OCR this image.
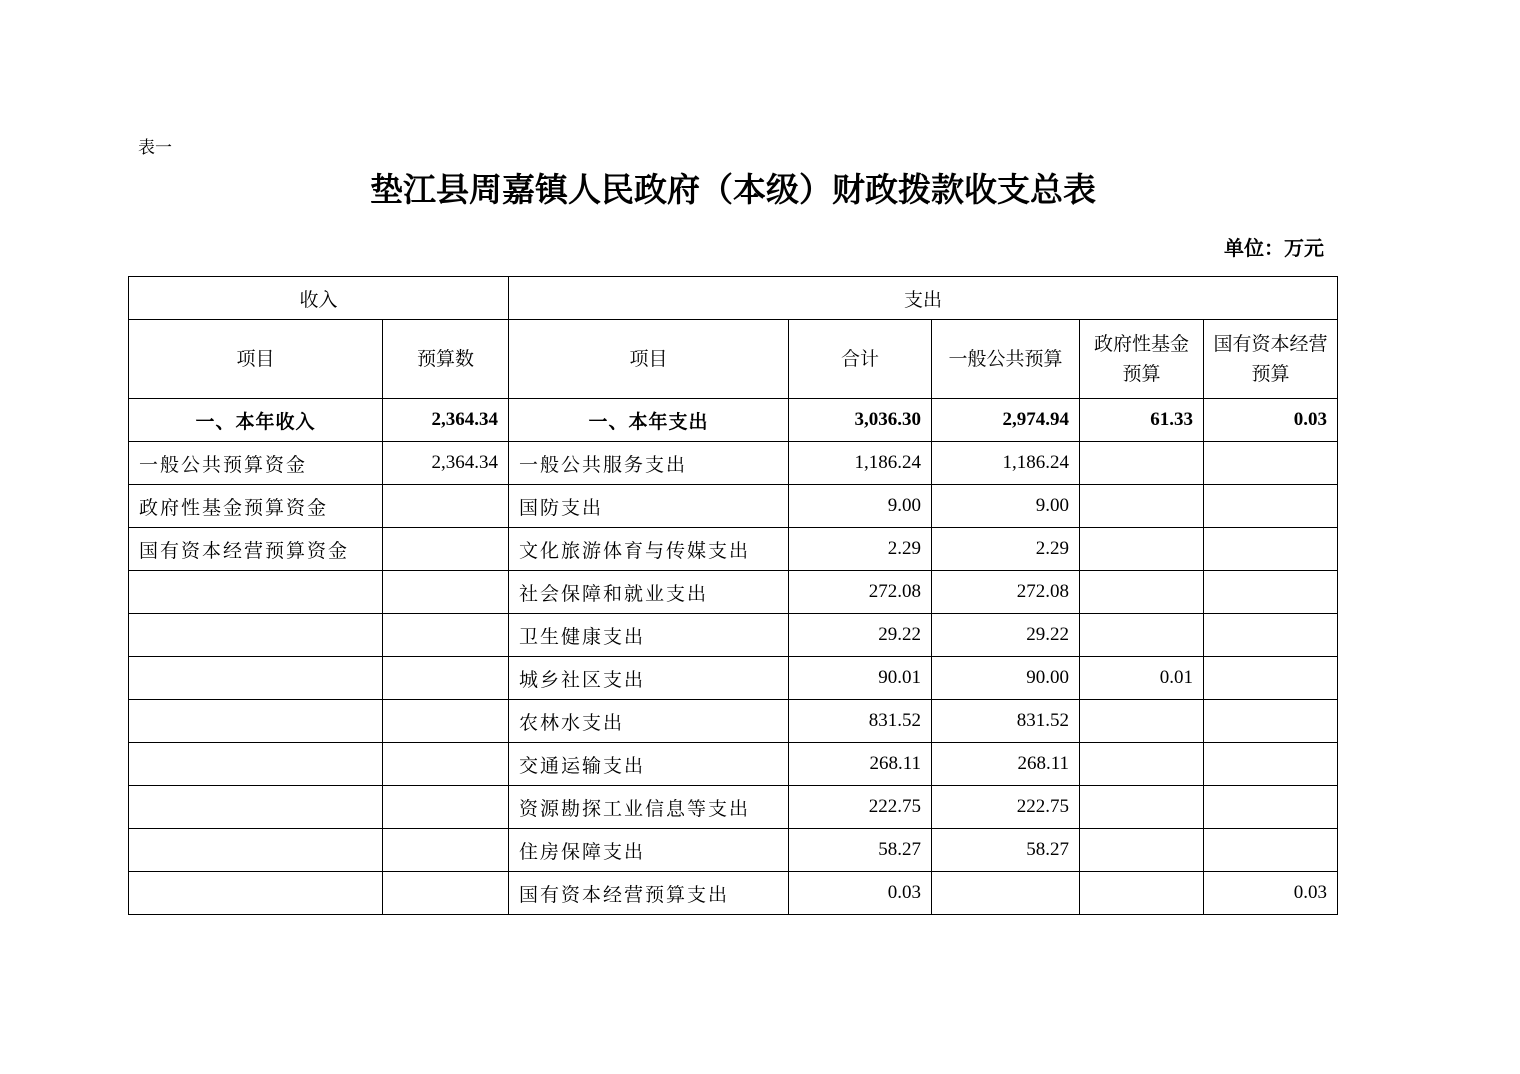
表一
垫江县周嘉镇人民政府（本级）财政拨款收支总表
单位：万元
收入		支出				
项目	预算数	项目	合计	一般公共预算	政府性基金预算	国有资本经营预算
一、本年收入	2,364.34	一、本年支出	3,036.30	2,974.94	61.33	0.03
一般公共预算资金	2,364.34	一般公共服务支出	1,186.24	1,186.24		
政府性基金预算资金		国防支出	9.00	9.00		
国有资本经营预算资金		文化旅游体育与传媒支出	2.29	2.29		
		社会保障和就业支出	272.08	272.08		
		卫生健康支出	29.22	29.22		
		城乡社区支出	90.01	90.00	0.01	
		农林水支出	831.52	831.52		
		交通运输支出	268.11	268.11		
		资源勘探工业信息等支出	222.75	222.75		
		住房保障支出	58.27	58.27		
		国有资本经营预算支出	0.03			0.03
